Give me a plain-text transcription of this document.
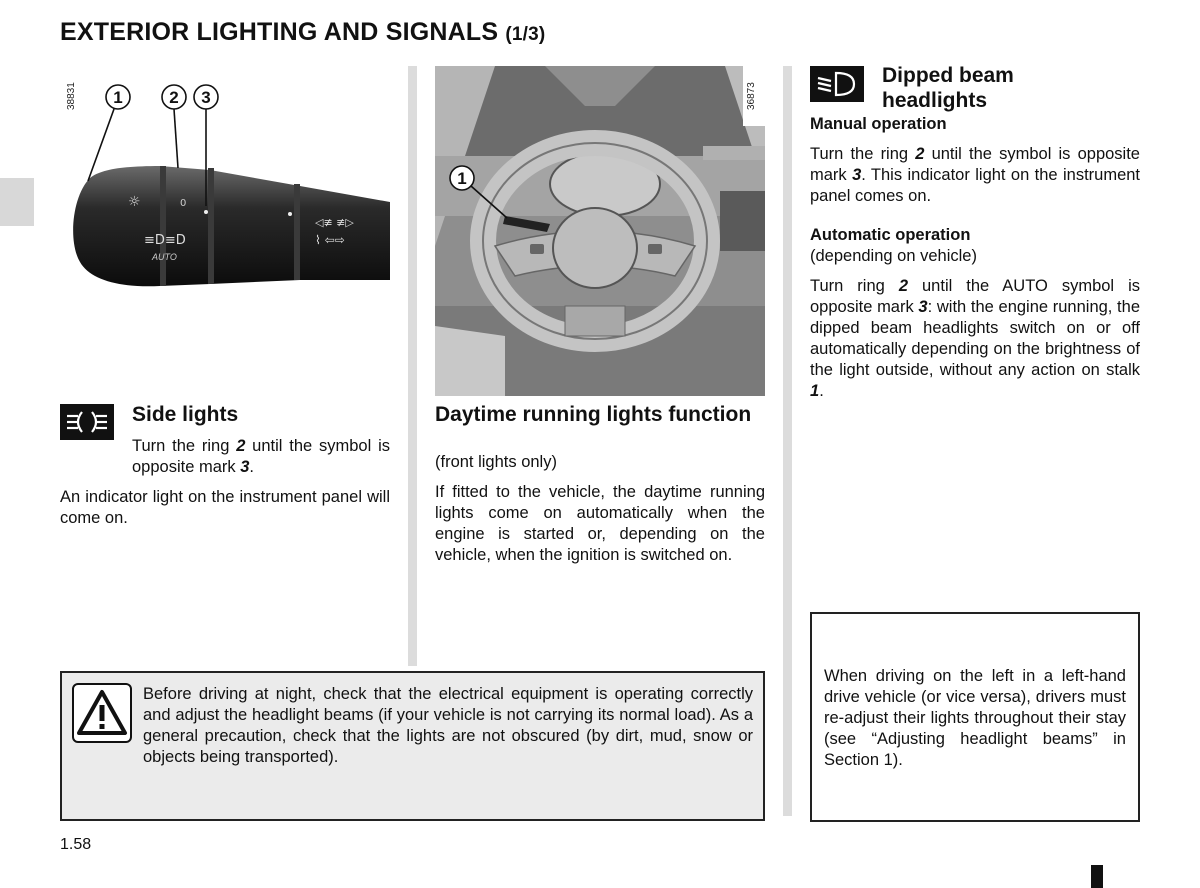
EXTERIOR LIGHTING AND SIGNALS (1/3)
38831
☼
≡D≡D
0
AUTO
◁≢ ≢▷
⌇ ⇦⇨
1	2 3
1
36873
Side lights

Turn the ring 2 until the symbol is opposite mark 3.

An indicator light on the instrument panel will come on.
Daytime running lights function
(front lights only)
If fitted to the vehicle, the daytime running lights come on automatically when the engine is started or, depending on the vehicle, when the ignition is switched on.
Dipped beam headlights
Manual operation
Turn the ring 2 until the symbol is opposite mark 3. This indicator light on the instrument panel comes on.
Automatic operation
(depending on vehicle)
Turn ring 2 until the AUTO symbol is opposite mark 3: with the engine running, the dipped beam headlights switch on or off automatically depending on the brightness of the light outside, without any action on stalk 1.
Before driving at night, check that the electrical equipment is operating correctly and adjust the headlight beams (if your vehicle is not carrying its normal load). As a general precaution, check that the lights are not obscured (by dirt, mud, snow or objects being transported).
When driving on the left in a left-hand drive vehicle (or vice versa), drivers must re-adjust their lights throughout their stay (see “Adjusting headlight beams” in Section 1).
1.58
